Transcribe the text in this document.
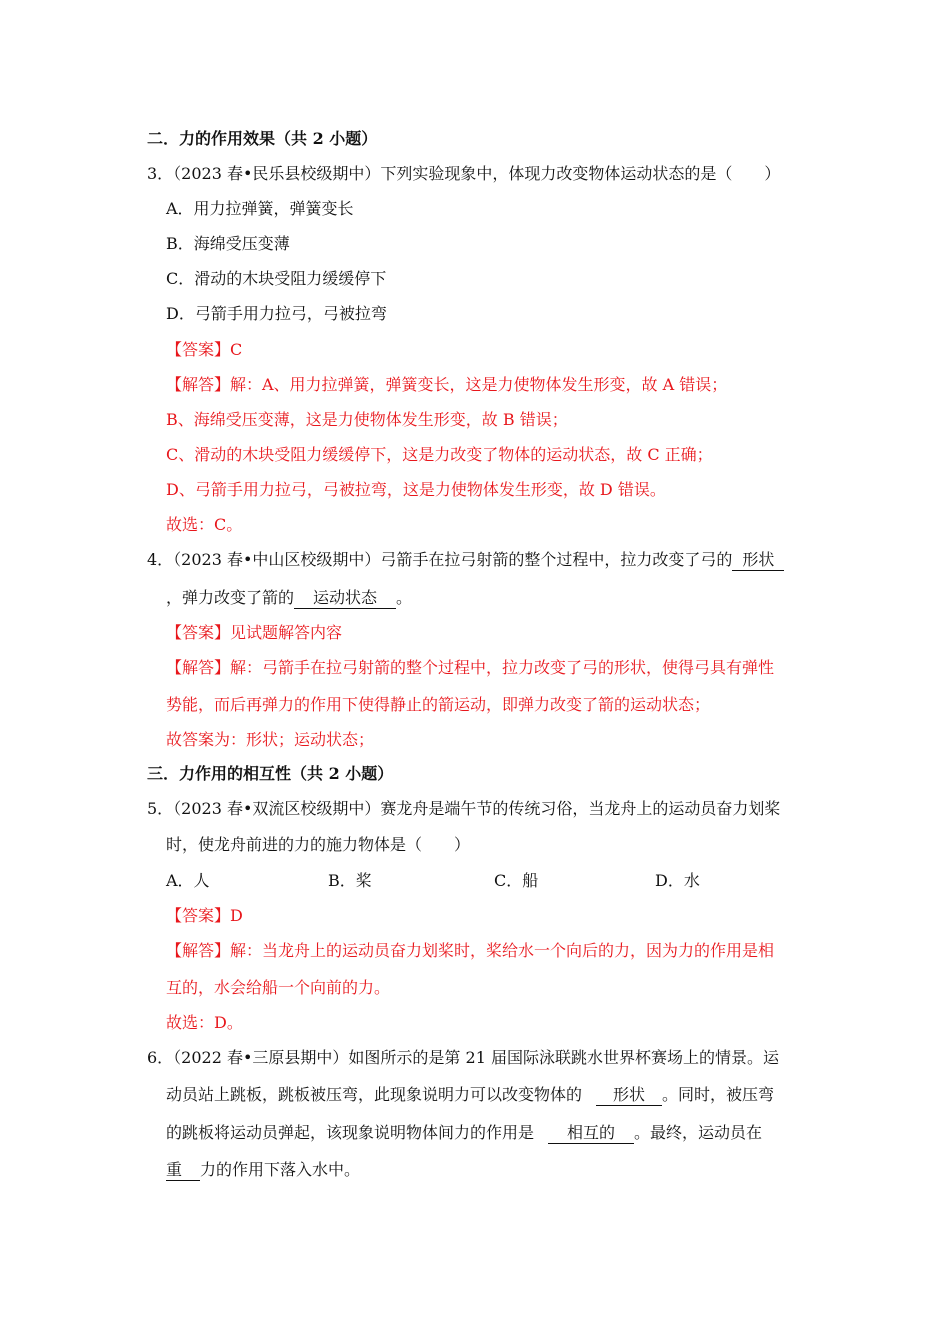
二．力的作用效果（共 2 小题）
3．（2023 春•民乐县校级期中）下列实验现象中，体现力改变物体运动状态的是（　　）
A．用力拉弹簧，弹簧变长
B．海绵受压变薄
C．滑动的木块受阻力缓缓停下
D．弓箭手用力拉弓，弓被拉弯
【答案】C
【解答】解：A、用力拉弹簧，弹簧变长，这是力使物体发生形变，故 A 错误；
B、海绵受压变薄，这是力使物体发生形变，故 B 错误；
C、滑动的木块受阻力缓缓停下，这是力改变了物体的运动状态，故 C 正确；
D、弓箭手用力拉弓，弓被拉弯，这是力使物体发生形变，故 D 错误。
故选：C。
4．（2023 春•中山区校级期中）弓箭手在拉弓射箭的整个过程中，拉力改变了弓的 形状
，弹力改变了箭的 运动状态 。
【答案】见试题解答内容
【解答】解：弓箭手在拉弓射箭的整个过程中，拉力改变了弓的形状，使得弓具有弹性
势能，而后再弹力的作用下使得静止的箭运动，即弹力改变了箭的运动状态；
故答案为：形状；运动状态；
三．力作用的相互性（共 2 小题）
5．（2023 春•双流区校级期中）赛龙舟是端午节的传统习俗，当龙舟上的运动员奋力划桨
时，使龙舟前进的力的施力物体是（　　）
A．人	B．桨	C．船	D．水
【答案】D
【解答】解：当龙舟上的运动员奋力划桨时，桨给水一个向后的力，因为力的作用是相
互的，水会给船一个向前的力。
故选：D。
6．（2022 春•三原县期中）如图所示的是第 21 届国际泳联跳水世界杯赛场上的情景。运
动员站上跳板，跳板被压弯，此现象说明力可以改变物体的 形状 。同时，被压弯
的跳板将运动员弹起，该现象说明物体间力的作用是 相互的 。最终，运动员在
重 力的作用下落入水中。
